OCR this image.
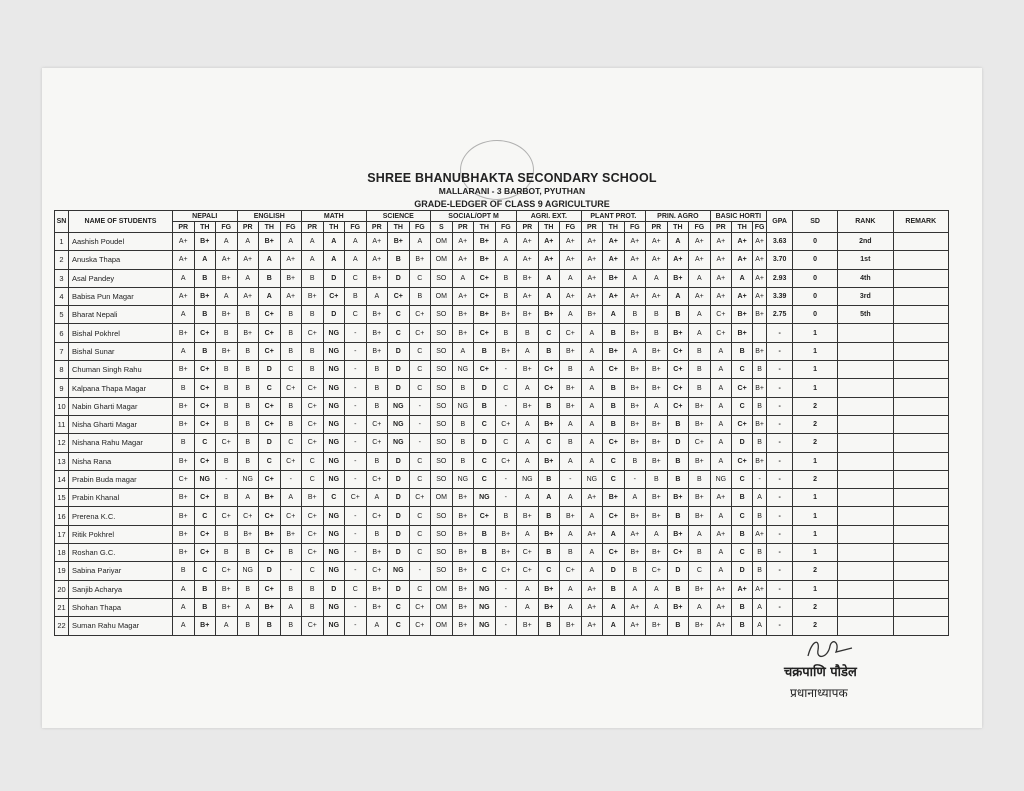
SHREE BHANUBHAKTA SECONDARY SCHOOL
MALLARANI - 3 BARBOT, PYUTHAN
GRADE-LEDGER OF CLASS 9 AGRICULTURE
SN	NAME OF STUDENTS	NEPALI			ENGLISH			MATH			SCIENCE			SOCIAL/OPT M				AGRI. EXT.			PLANT PROT.			PRIN. AGRO			BASIC HORTI			GPA	SD	RANK	REMARK
		PR	TH	FG	PR	TH	FG	PR	TH	FG	PR	TH	FG	S	PR	TH	FG	PR	TH	FG	PR	TH	FG	PR	TH	FG	PR	TH	FG				
1	Aashish Poudel	A+	B+	A	A	B+	A	A	A	A	A+	B+	A	OM	A+	B+	A	A+	A+	A+	A+	A+	A+	A+	A	A+	A+	A+	A+	3.63	0	2nd	
2	Anuska Thapa	A+	A	A+	A+	A	A+	A	A	A	A+	B	B+	OM	A+	B+	A	A+	A+	A+	A+	A+	A+	A+	A+	A+	A+	A+	A+	3.70	0	1st	
3	Asal Pandey	A	B	B+	A	B	B+	B	D	C	B+	D	C	SO	A	C+	B	B+	A	A	A+	B+	A	A	B+	A	A+	A	A+	2.93	0	4th	
4	Babisa Pun Magar	A+	B+	A	A+	A	A+	B+	C+	B	A	C+	B	OM	A+	C+	B	A+	A	A+	A+	A+	A+	A+	A	A+	A+	A+	A+	3.39	0	3rd	
5	Bharat Nepali	A	B	B+	B	C+	B	B	D	C	B+	C	C+	SO	B+	B+	B+	B+	B+	A	B+	A	B	B	B	A	C+	B+	B+	2.75	0	5th	
6	Bishal Pokhrel	B+	C+	B	B+	C+	B	C+	NG	-	B+	C	C+	SO	B+	C+	B	B	C	C+	A	B	B+	B	B+	A	C+	B+		-	1		
7	Bishal Sunar	A	B	B+	B	C+	B	B	NG	-	B+	D	C	SO	A	B	B+	A	B	B+	A	B+	A	B+	C+	B	A	B	B+	-	1		
8	Chuman Singh Rahu	B+	C+	B	B	D	C	B	NG	-	B	D	C	SO	NG	C+	-	B+	C+	B	A	C+	B+	B+	C+	B	A	C	B	-	1		
9	Kalpana Thapa Magar	B	C+	B	B	C	C+	C+	NG	-	B	D	C	SO	B	D	C	A	C+	B+	A	B	B+	B+	C+	B	A	C+	B+	-	1		
10	Nabin Gharti Magar	B+	C+	B	B	C+	B	C+	NG	-	B	NG	-	SO	NG	B	-	B+	B	B+	A	B	B+	A	C+	B+	A	C	B	-	2		
11	Nisha Gharti Magar	B+	C+	B	B	C+	B	C+	NG	-	C+	NG	-	SO	B	C	C+	A	B+	A	A	B	B+	B+	B	B+	A	C+	B+	-	2		
12	Nishana Rahu Magar	B	C	C+	B	D	C	C+	NG	-	C+	NG	-	SO	B	D	C	A	C	B	A	C+	B+	B+	D	C+	A	D	B	-	2		
13	Nisha Rana	B+	C+	B	B	C	C+	C	NG	-	B	D	C	SO	B	C	C+	A	B+	A	A	C	B	B+	B	B+	A	C+	B+	-	1		
14	Prabin Buda magar	C+	NG	-	NG	C+	-	C	NG	-	C+	D	C	SO	NG	C	-	NG	B	-	NG	C	-	B	B	B	NG	C	-	-	2		
15	Prabin Khanal	B+	C+	B	A	B+	A	B+	C	C+	A	D	C+	OM	B+	NG	-	A	A	A	A+	B+	A	B+	B+	B+	A+	B	A	-	1		
16	Prerena K.C.	B+	C	C+	C+	C+	C+	C+	NG	-	C+	D	C	SO	B+	C+	B	B+	B	B+	A	C+	B+	B+	B	B+	A	C	B	-	1		
17	Ritik Pokhrel	B+	C+	B	B+	B+	B+	C+	NG	-	B	D	C	SO	B+	B	B+	A	B+	A	A+	A	A+	A	B+	A	A+	B	A+	-	1		
18	Roshan G.C.	B+	C+	B	B	C+	B	C+	NG	-	B+	D	C	SO	B+	B	B+	C+	B	B	A	C+	B+	B+	C+	B	A	C	B	-	1		
19	Sabina Pariyar	B	C	C+	NG	D	-	C	NG	-	C+	NG	-	SO	B+	C	C+	C+	C	C+	A	D	B	C+	D	C	A	D	B	-	2		
20	Sanjib Acharya	A	B	B+	B	C+	B	B	D	C	B+	D	C	OM	B+	NG	-	A	B+	A	A+	B	A	A	B	B+	A+	A+	A+	-	1		
21	Shohan Thapa	A	B	B+	A	B+	A	B	NG	-	B+	C	C+	OM	B+	NG	-	A	B+	A	A+	A	A+	A	B+	A	A+	B	A	-	2		
22	Suman Rahu Magar	A	B+	A	B	B	B	C+	NG	-	A	C	C+	OM	B+	NG	-	B+	B	B+	A+	A	A+	B+	B	B+	A+	B	A	-	2		
चक्रपाणि पौडेल
प्रधानाध्यापक
